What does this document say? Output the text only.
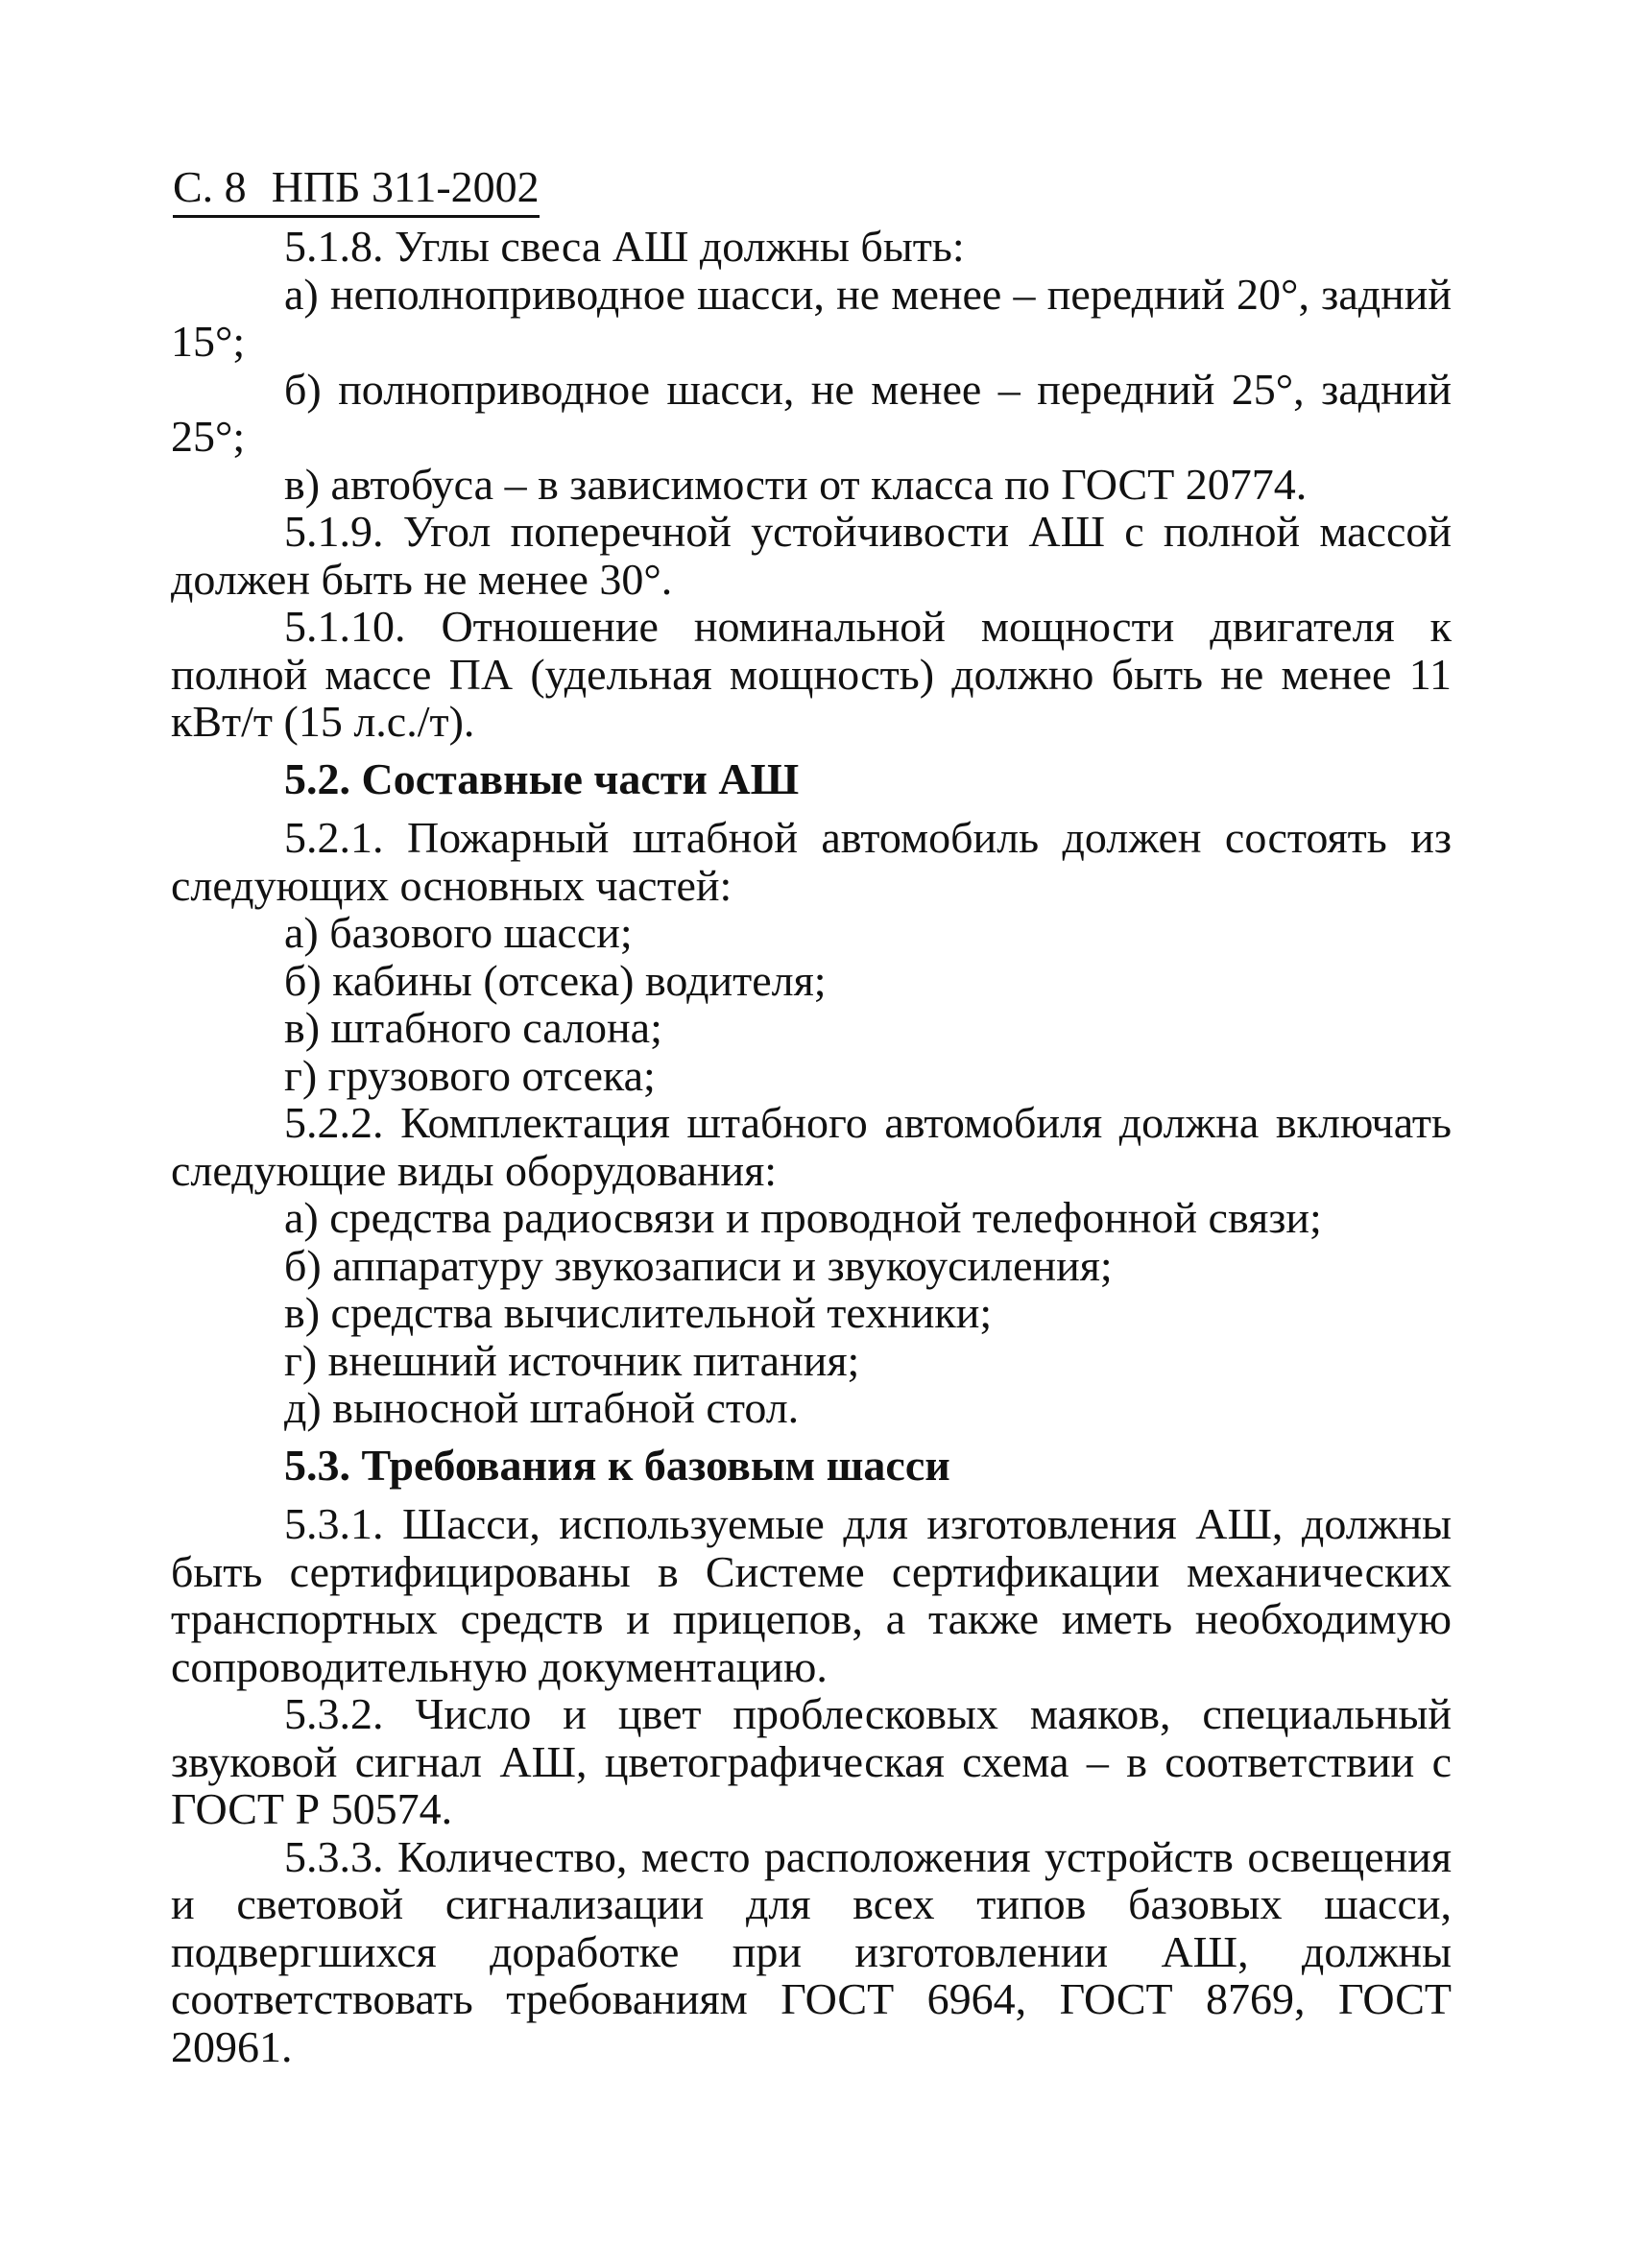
С. 8 НПБ 311-2002

5.1.8. Углы свеса АШ должны быть:

а) неполноприводное шасси, не менее – передний 20°, задний 15°;

б) полноприводное шасси, не менее – передний 25°, задний 25°;

в) автобуса – в зависимости от класса по ГОСТ 20774.

5.1.9. Угол поперечной устойчивости АШ с полной массой должен быть не менее 30°.

5.1.10. Отношение номинальной мощности двигателя к полной массе ПА (удельная мощность) должно быть не менее 11 кВт/т (15 л.с./т).

5.2. Составные части АШ

5.2.1. Пожарный штабной автомобиль должен состоять из следующих основных частей:

а) базового шасси;

б) кабины (отсека) водителя;

в) штабного салона;

г) грузового отсека;

5.2.2. Комплектация штабного автомобиля должна включать следующие виды оборудования:

а) средства радиосвязи и проводной телефонной связи;

б) аппаратуру звукозаписи и звукоусиления;

в) средства вычислительной техники;

г) внешний источник питания;

д) выносной штабной стол.

5.3. Требования к базовым шасси

5.3.1. Шасси, используемые для изготовления АШ, должны быть сертифицированы в Системе сертификации механических транспортных средств и прицепов, а также иметь необходимую сопроводительную документацию.

5.3.2. Число и цвет проблесковых маяков, специальный звуковой сигнал АШ, цветографическая схема – в соответствии с ГОСТ Р 50574.

5.3.3. Количество, место расположения устройств освещения и световой сигнализации для всех типов базовых шасси, подвергшихся доработке при изготовлении АШ, должны соответствовать требованиям ГОСТ 6964, ГОСТ 8769, ГОСТ 20961.
